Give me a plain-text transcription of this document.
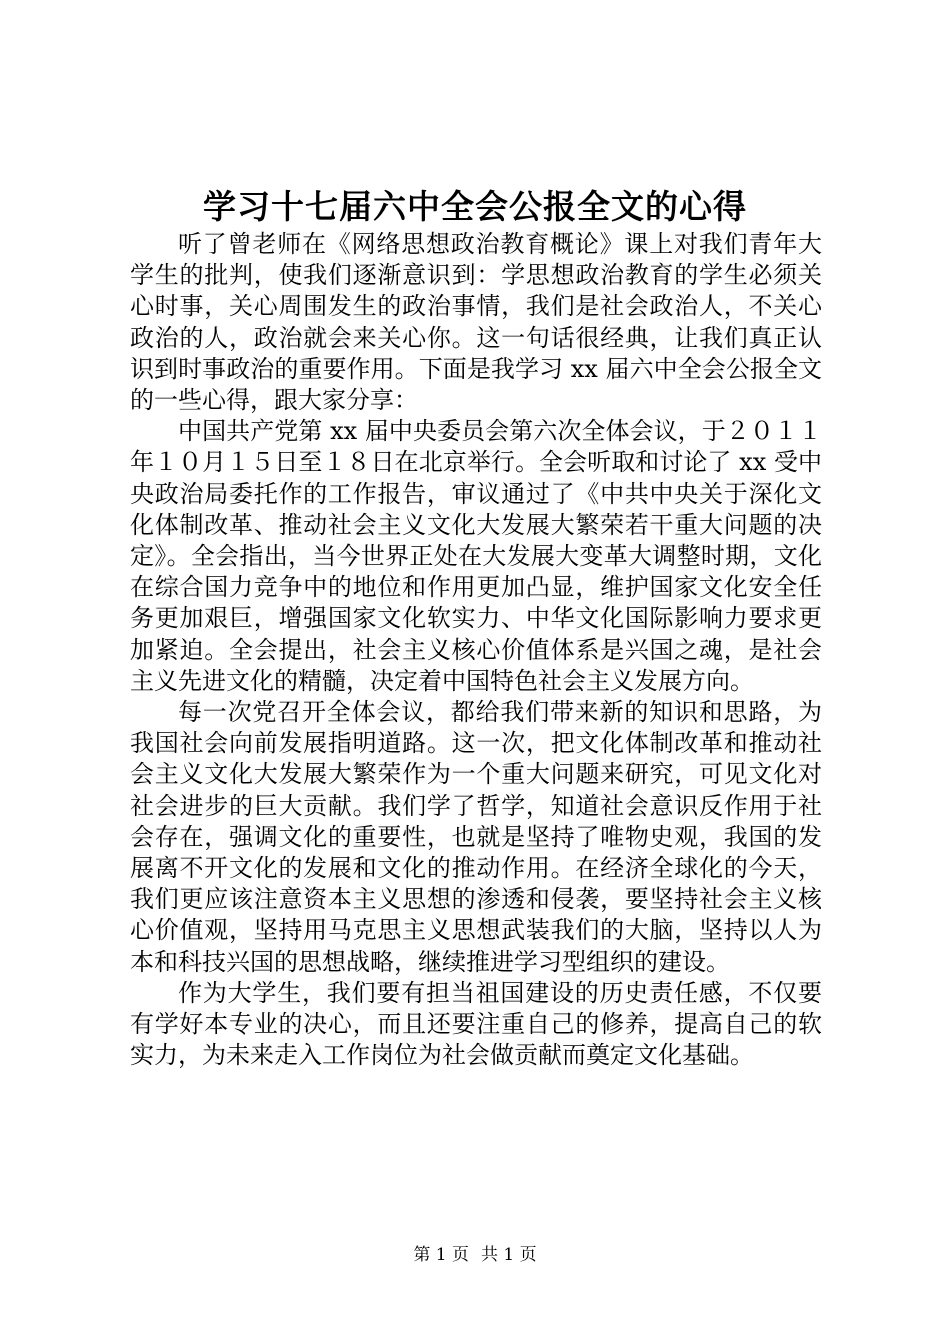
学习十七届六中全会公报全文的心得

听了曾老师在《网络思想政治教育概论》课上对我们青年大学生的批判，使我们逐渐意识到：学思想政治教育的学生必须关心时事，关心周围发生的政治事情，我们是社会政治人，不关心政治的人，政治就会来关心你。这一句话很经典，让我们真正认识到时事政治的重要作用。下面是我学习 xx 届六中全会公报全文的一些心得，跟大家分享：

中国共产党第 xx 届中央委员会第六次全体会议，于２０１１年１０月１５日至１８日在北京举行。全会听取和讨论了 xx 受中央政治局委托作的工作报告，审议通过了《中共中央关于深化文化体制改革、推动社会主义文化大发展大繁荣若干重大问题的决定》。全会指出，当今世界正处在大发展大变革大调整时期，文化在综合国力竞争中的地位和作用更加凸显，维护国家文化安全任务更加艰巨，增强国家文化软实力、中华文化国际影响力要求更加紧迫。全会提出，社会主义核心价值体系是兴国之魂，是社会主义先进文化的精髓，决定着中国特色社会主义发展方向。

每一次党召开全体会议，都给我们带来新的知识和思路，为我国社会向前发展指明道路。这一次，把文化体制改革和推动社会主义文化大发展大繁荣作为一个重大问题来研究，可见文化对社会进步的巨大贡献。我们学了哲学，知道社会意识反作用于社会存在，强调文化的重要性，也就是坚持了唯物史观，我国的发展离不开文化的发展和文化的推动作用。在经济全球化的今天，我们更应该注意资本主义思想的渗透和侵袭，要坚持社会主义核心价值观，坚持用马克思主义思想武装我们的大脑，坚持以人为本和科技兴国的思想战略，继续推进学习型组织的建设。

作为大学生，我们要有担当祖国建设的历史责任感，不仅要有学好本专业的决心，而且还要注重自己的修养，提高自己的软实力，为未来走入工作岗位为社会做贡献而奠定文化基础。

第 1 页 共 1 页
